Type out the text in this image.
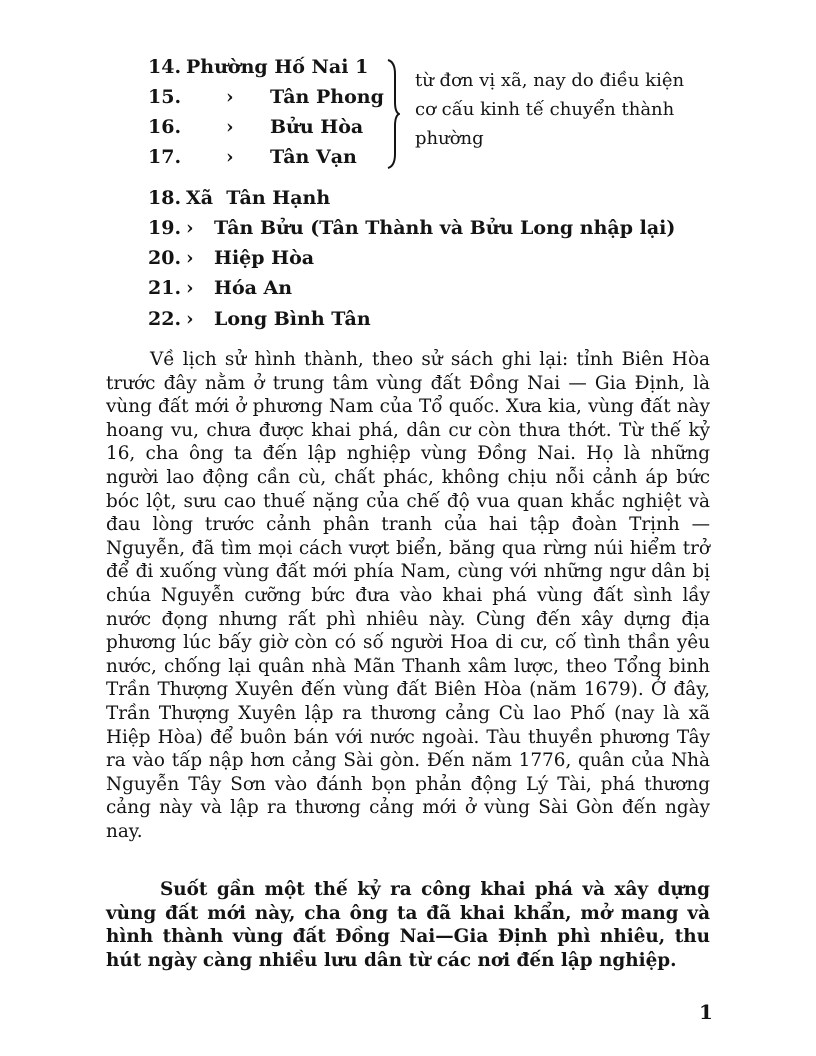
14. Phường Hố Nai 1
15. › Tân Phong
16. › Bửu Hòa
17. › Tân Vạn
từ đơn vị xã, nay do điều kiện cơ cấu kinh tế chuyển thành phường
18. Xã Tân Hạnh
19. › Tân Bửu (Tân Thành và Bửu Long nhập lại)
20. › Hiệp Hòa
21. › Hóa An
22. › Long Bình Tân

Về lịch sử hình thành, theo sử sách ghi lại: tỉnh Biên Hòa trước đây nằm ở trung tâm vùng đất Đồng Nai — Gia Định, là vùng đất mới ở phương Nam của Tổ quốc. Xưa kia, vùng đất này hoang vu, chưa được khai phá, dân cư còn thưa thớt. Từ thế kỷ 16, cha ông ta đến lập nghiệp vùng Đồng Nai. Họ là những người lao động cần cù, chất phác, không chịu nỗi cảnh áp bức bóc lột, sưu cao thuế nặng của chế độ vua quan khắc nghiệt và đau lòng trước cảnh phân tranh của hai tập đoàn Trịnh — Nguyễn, đã tìm mọi cách vượt biển, băng qua rừng núi hiểm trở để đi xuống vùng đất mới phía Nam, cùng với những ngư dân bị chúa Nguyễn cưỡng bức đưa vào khai phá vùng đất sình lầy nước đọng nhưng rất phì nhiêu này. Cùng đến xây dựng địa phương lúc bấy giờ còn có số người Hoa di cư, cố tình thần yêu nước, chống lại quân nhà Mãn Thanh xâm lược, theo Tổng binh Trần Thượng Xuyên đến vùng đất Biên Hòa (năm 1679). Ở đây, Trần Thượng Xuyên lập ra thương cảng Cù lao Phố (nay là xã Hiệp Hòa) để buôn bán với nước ngoài. Tàu thuyền phương Tây ra vào tấp nập hơn cảng Sài gòn. Đến năm 1776, quân của Nhà Nguyễn Tây Sơn vào đánh bọn phản động Lý Tài, phá thương cảng này và lập ra thương cảng mới ở vùng Sài Gòn đến ngày nay.

Suốt gần một thế kỷ ra công khai phá và xây dựng vùng đất mới này, cha ông ta đã khai khẩn, mở mang và hình thành vùng đất Đồng Nai—Gia Định phì nhiêu, thu hút ngày càng nhiều lưu dân từ các nơi đến lập nghiệp.

1
